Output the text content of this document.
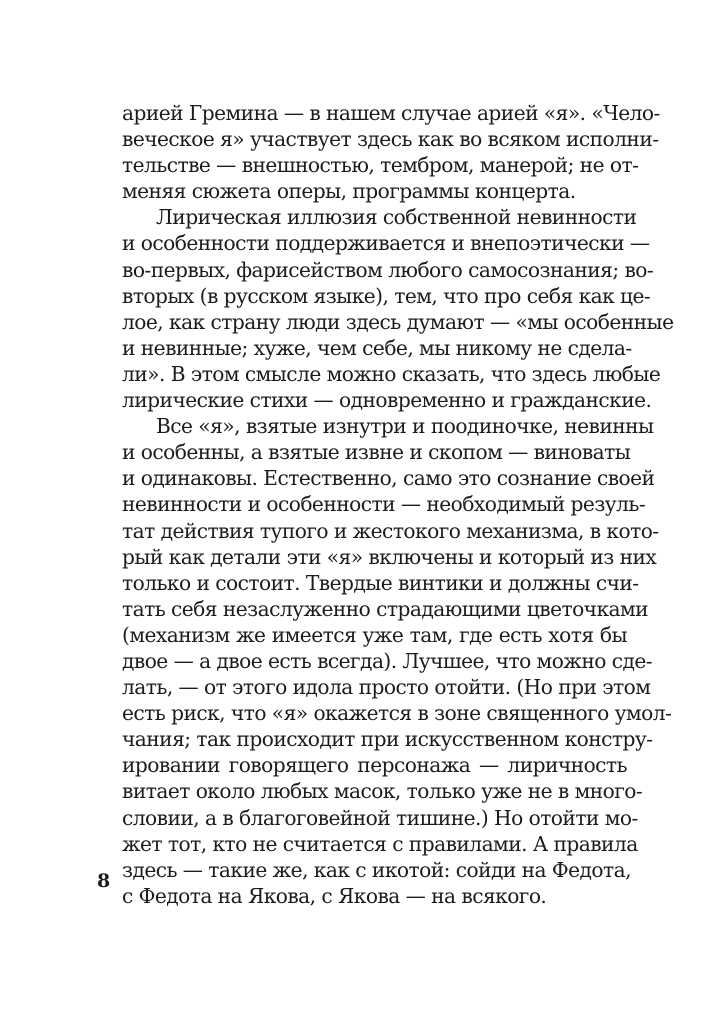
арией Гремина — в нашем случае арией «я». «Чело-
веческое я» участвует здесь как во всяком исполни-
тельстве — внешностью, тембром, манерой; не от-
меняя сюжета оперы, программы концерта.
Лирическая иллюзия собственной невинности
и особенности поддерживается и внепоэтически —
во-первых, фарисейством любого самосознания; во-
вторых (в русском языке), тем, что про себя как це-
лое, как страну люди здесь думают — «мы особенные
и невинные; хуже, чем себе, мы никому не сдела-
ли». В этом смысле можно сказать, что здесь любые
лирические стихи — одновременно и гражданские.
Все «я», взятые изнутри и поодиночке, невинны
и особенны, а взятые извне и скопом — виноваты
и одинаковы. Естественно, само это сознание своей
невинности и особенности — необходимый резуль-
тат действия тупого и жестокого механизма, в кото-
рый как детали эти «я» включены и который из них
только и состоит. Твердые винтики и должны счи-
тать себя незаслуженно страдающими цветочками
(механизм же имеется уже там, где есть хотя бы
двое — а двое есть всегда). Лучшее, что можно сде-
лать, — от этого идола просто отойти. (Но при этом
есть риск, что «я» окажется в зоне священного умол-
чания; так происходит при искусственном констру-
ировании говорящего персонажа — лиричность
витает около любых масок, только уже не в много-
словии, а в благоговейной тишине.) Но отойти мо-
жет тот, кто не считается с правилами. А правила
здесь — такие же, как с икотой: сойди на Федота,
с Федота на Якова, с Якова — на всякого.
8
